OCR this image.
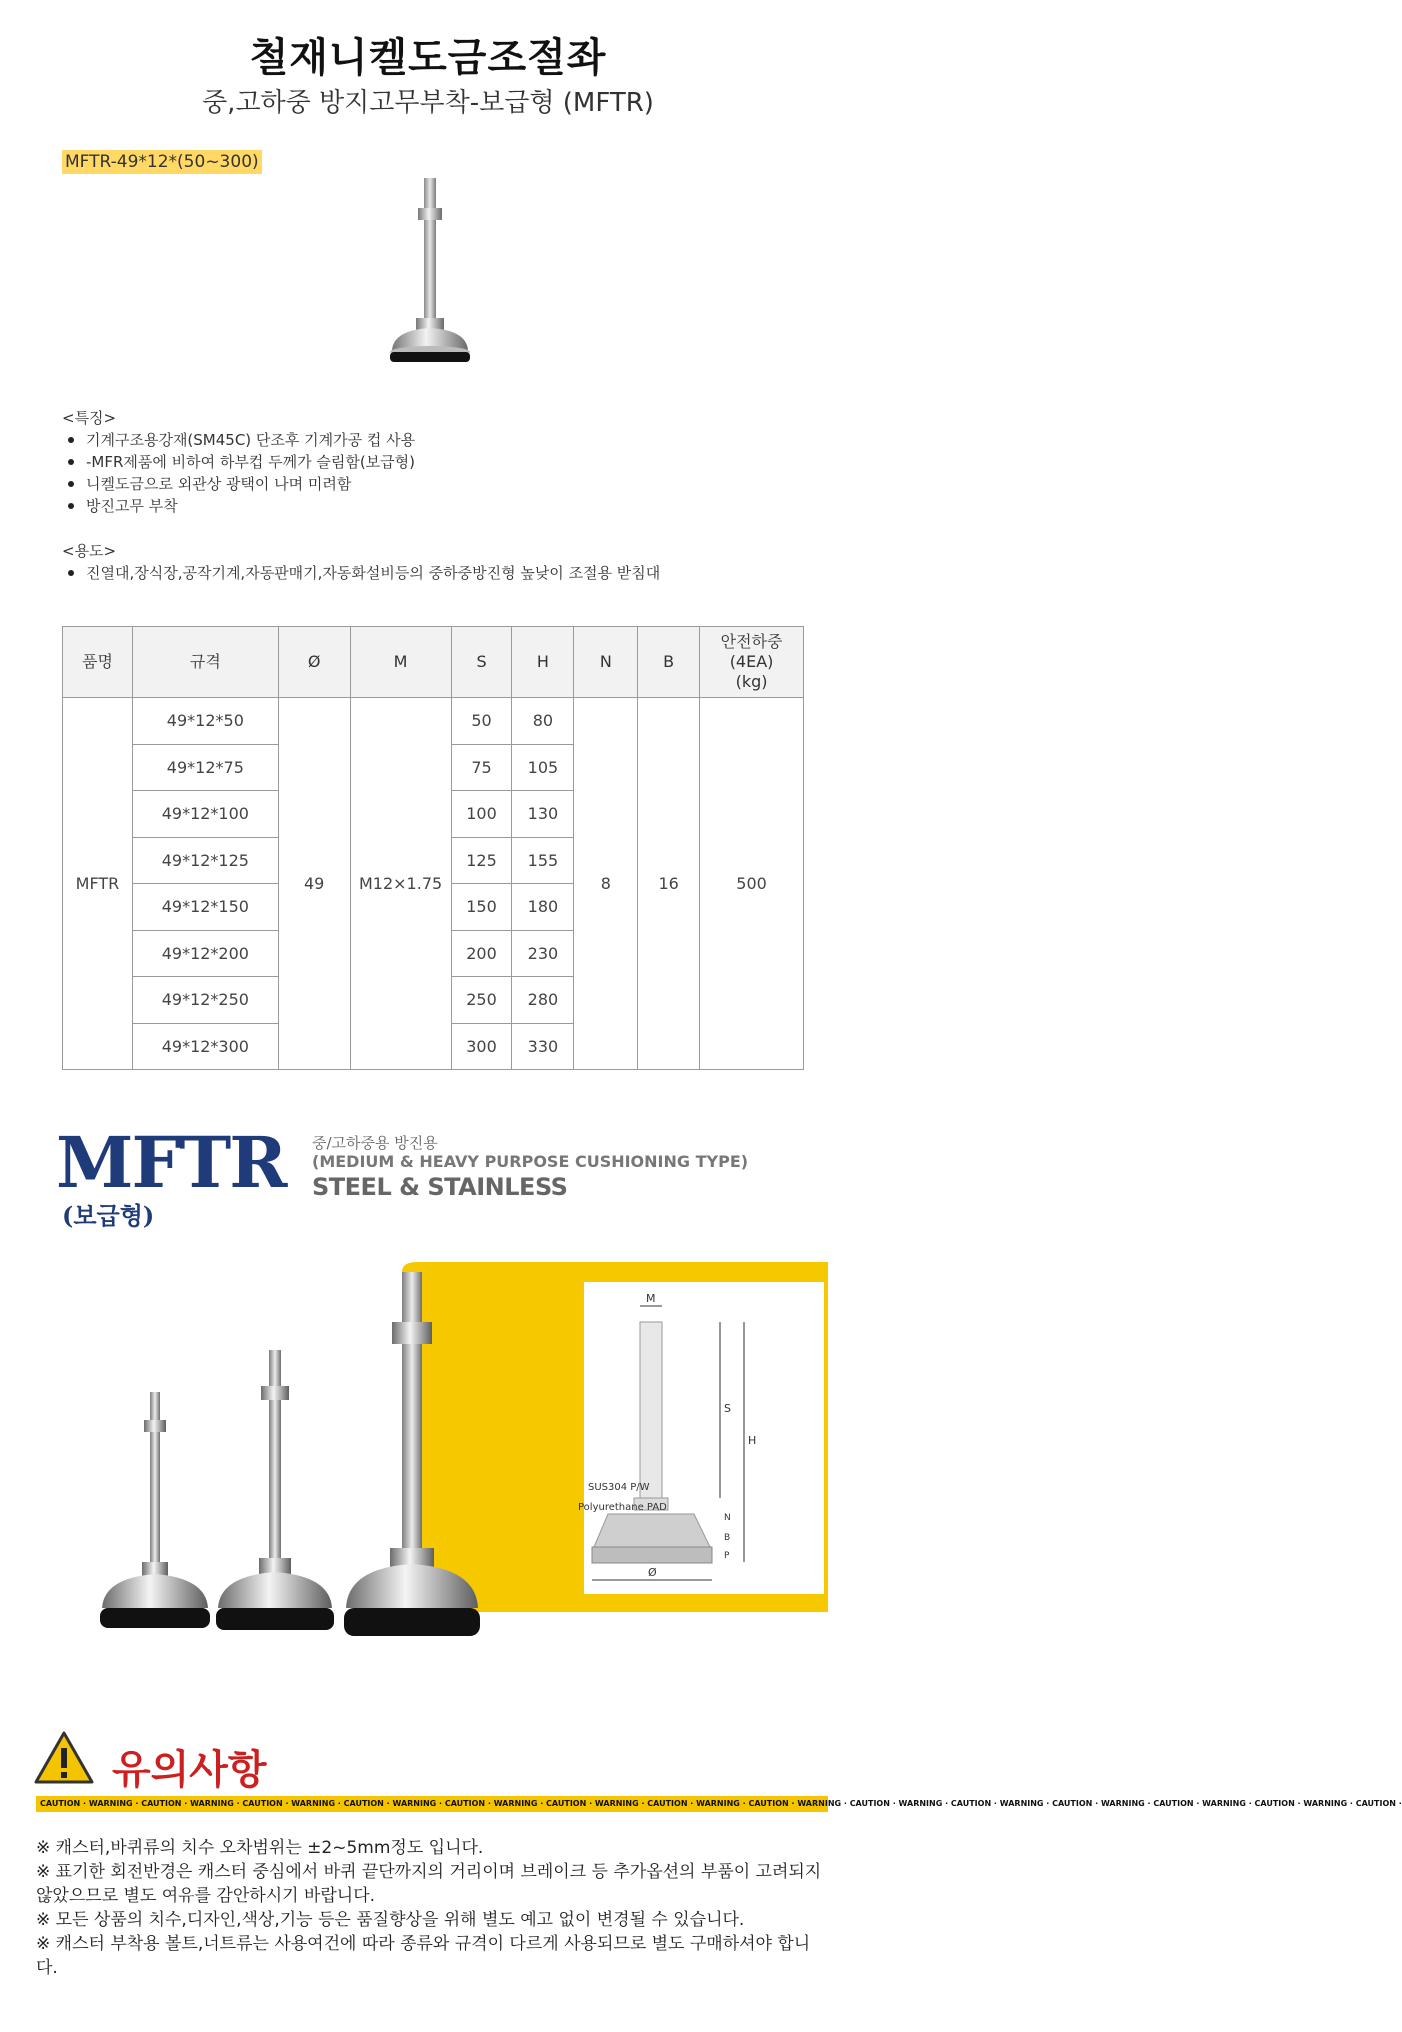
철재니켈도금조절좌
중,고하중 방지고무부착-보급형 (MFTR)
MFTR-49*12*(50~300)
<특징>
기계구조용강재(SM45C) 단조후 기계가공 컵 사용
-MFR제품에 비하여 하부컵 두께가 슬림함(보급형)
니켈도금으로 외관상 광택이 나며 미려함
방진고무 부착
<용도>
진열대,장식장,공작기계,자동판매기,자동화설비등의 중하중방진형 높낮이 조절용 받침대
품명	규격	Ø	M	S	H	N	B	안전하중
(4EA)
(kg)
MFTR	49*12*50	49	M12×1.75	50	80	8	16	500
	49*12*75			75	105			
	49*12*100			100	130			
	49*12*125			125	155			
	49*12*150			150	180			
	49*12*200			200	230			
	49*12*250			250	280			
	49*12*300			300	330			
MFTR
(보급형)
중/고하중용 방진용
(MEDIUM & HEAVY PURPOSE CUSHIONING TYPE)
STEEL & STAINLESS
M
S
H
N
B
P
Ø
SUS304 P/W
Polyurethane PAD
유의사항
CAUTION · WARNING · CAUTION · WARNING · CAUTION · WARNING · CAUTION · WARNING · CAUTION · WARNING · CAUTION · WARNING · CAUTION · WARNING · CAUTION · WARNING · CAUTION · WARNING · CAUTION · WARNING · CAUTION · WARNING · CAUTION · WARNING · CAUTION · WARNING · CAUTION ·

※ 캐스터,바퀴류의 치수 오차범위는 ±2~5mm정도 입니다.

※ 표기한 회전반경은 캐스터 중심에서 바퀴 끝단까지의 거리이며 브레이크 등 추가옵션의 부품이 고려되지 않았으므로 별도 여유를 감안하시기 바랍니다.

※ 모든 상품의 치수,디자인,색상,기능 등은 품질향상을 위해 별도 예고 없이 변경될 수 있습니다.

※ 캐스터 부착용 볼트,너트류는 사용여건에 따라 종류와 규격이 다르게 사용되므로 별도 구매하셔야 합니다.
